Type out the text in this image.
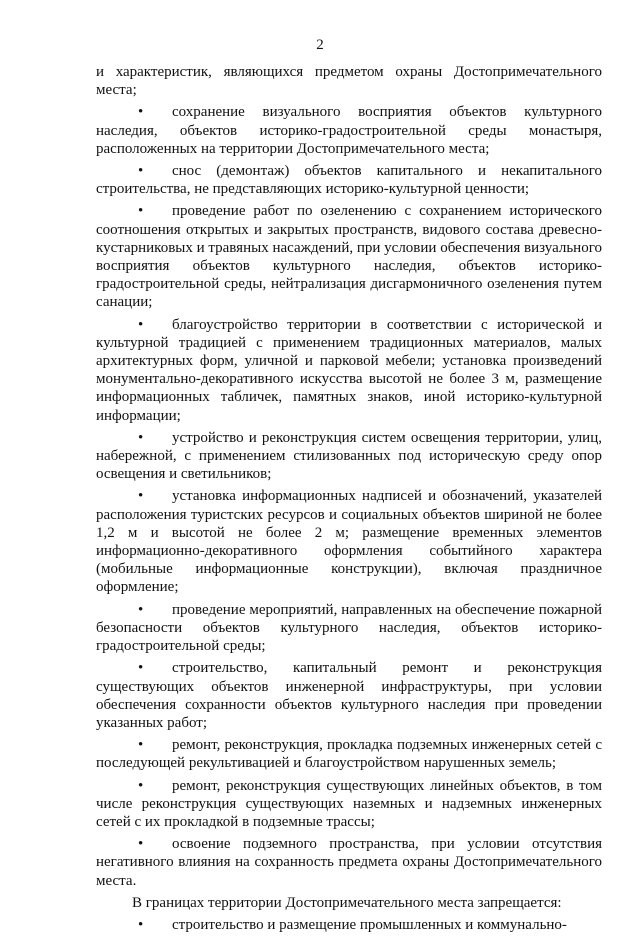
2

и характеристик, являющихся предметом охраны Достопримечательного места;

• сохранение визуального восприятия объектов культурного наследия, объектов историко-градостроительной среды монастыря, расположенных на территории Достопримечательного места;

• снос (демонтаж) объектов капитального и некапитального строительства, не представляющих историко-культурной ценности;

• проведение работ по озеленению с сохранением исторического соотношения открытых и закрытых пространств, видового состава древесно-кустарниковых и травяных насаждений, при условии обеспечения визуального восприятия объектов культурного наследия, объектов историко-градостроительной среды, нейтрализация дисгармоничного озеленения путем санации;

• благоустройство территории в соответствии с исторической и культурной традицией с применением традиционных материалов, малых архитектурных форм, уличной и парковой мебели; установка произведений монументально-декоративного искусства высотой не более 3 м, размещение информационных табличек, памятных знаков, иной историко-культурной информации;

• устройство и реконструкция систем освещения территории, улиц, набережной, с применением стилизованных под историческую среду опор освещения и светильников;

• установка информационных надписей и обозначений, указателей расположения туристских ресурсов и социальных объектов шириной не более 1,2 м и высотой не более 2 м; размещение временных элементов информационно-декоративного оформления событийного характера (мобильные информационные конструкции), включая праздничное оформление;

• проведение мероприятий, направленных на обеспечение пожарной безопасности объектов культурного наследия, объектов историко-градостроительной среды;

• строительство, капитальный ремонт и реконструкция существующих объектов инженерной инфраструктуры, при условии обеспечения сохранности объектов культурного наследия при проведении указанных работ;

• ремонт, реконструкция, прокладка подземных инженерных сетей с последующей рекультивацией и благоустройством нарушенных земель;

• ремонт, реконструкция существующих линейных объектов, в том числе реконструкция существующих наземных и надземных инженерных сетей с их прокладкой в подземные трассы;

• освоение подземного пространства, при условии отсутствия негативного влияния на сохранность предмета охраны Достопримечательного места.

В границах территории Достопримечательного места запрещается:

• строительство и размещение промышленных и коммунально-
